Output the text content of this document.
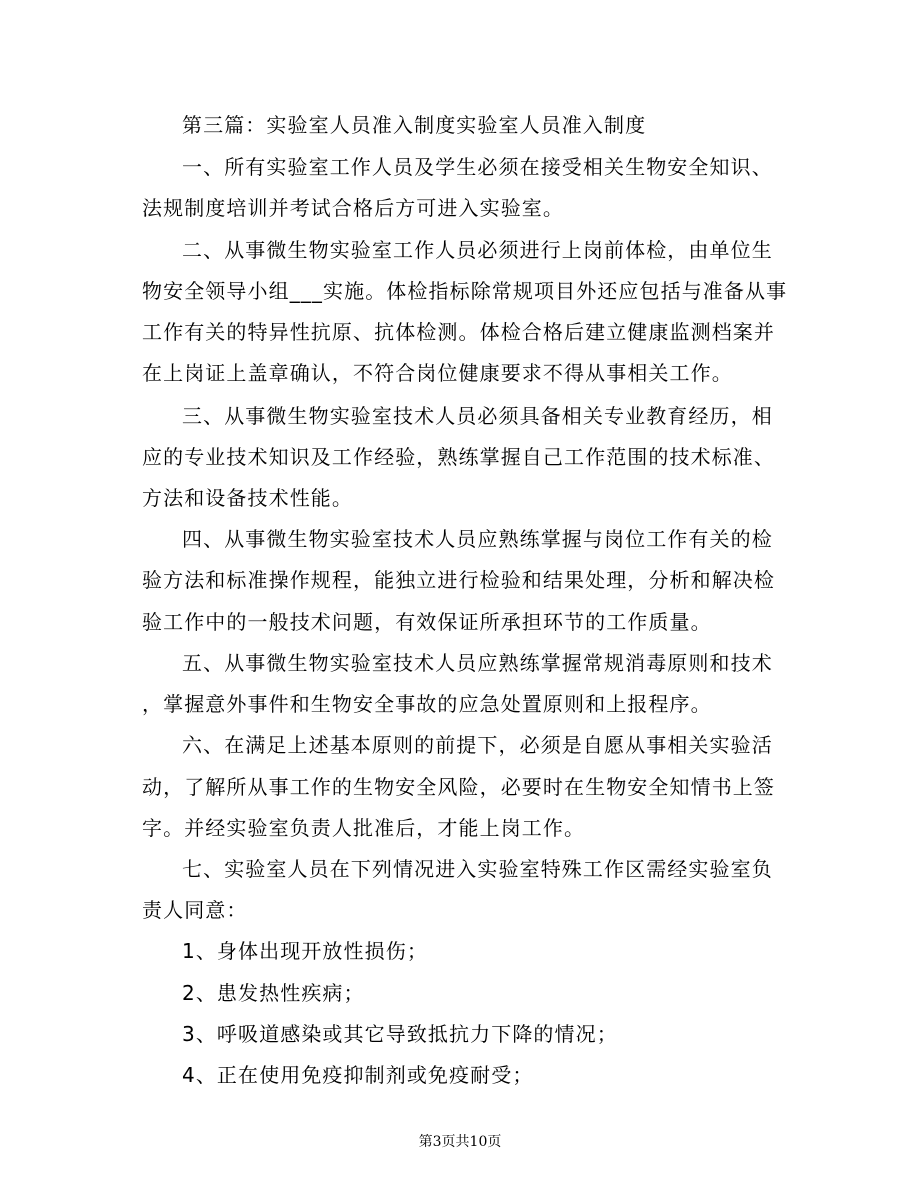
第三篇：实验室人员准入制度实验室人员准入制度
一、所有实验室工作人员及学生必须在接受相关生物安全知识、
法规制度培训并考试合格后方可进入实验室。
二、从事微生物实验室工作人员必须进行上岗前体检，由单位生
物安全领导小组___实施。体检指标除常规项目外还应包括与准备从事
工作有关的特异性抗原、抗体检测。体检合格后建立健康监测档案并
在上岗证上盖章确认，不符合岗位健康要求不得从事相关工作。
三、从事微生物实验室技术人员必须具备相关专业教育经历，相
应的专业技术知识及工作经验，熟练掌握自己工作范围的技术标准、
方法和设备技术性能。
四、从事微生物实验室技术人员应熟练掌握与岗位工作有关的检
验方法和标准操作规程，能独立进行检验和结果处理，分析和解决检
验工作中的一般技术问题，有效保证所承担环节的工作质量。
五、从事微生物实验室技术人员应熟练掌握常规消毒原则和技术
，掌握意外事件和生物安全事故的应急处置原则和上报程序。
六、在满足上述基本原则的前提下，必须是自愿从事相关实验活
动，了解所从事工作的生物安全风险，必要时在生物安全知情书上签
字。并经实验室负责人批准后，才能上岗工作。
七、实验室人员在下列情况进入实验室特殊工作区需经实验室负
责人同意：
1、身体出现开放性损伤；
2、患发热性疾病；
3、呼吸道感染或其它导致抵抗力下降的情况；
4、正在使用免疫抑制剂或免疫耐受；
第3页共10页
